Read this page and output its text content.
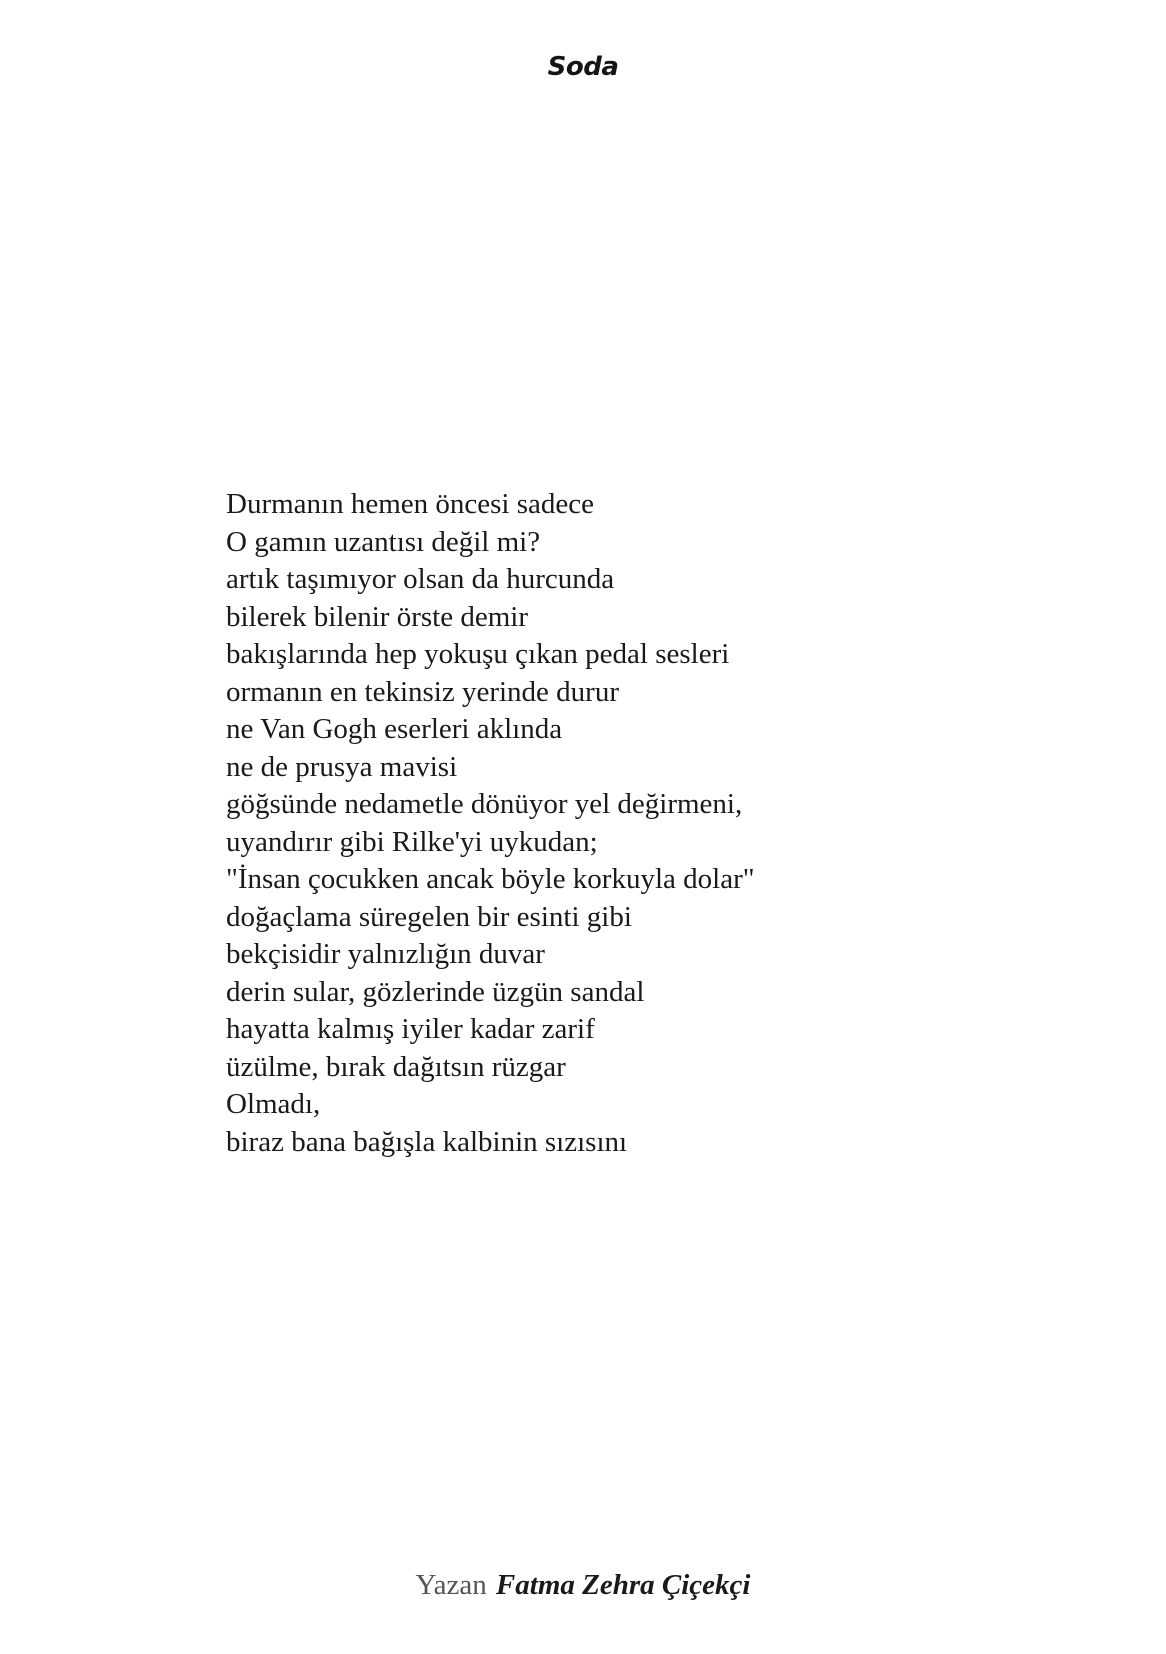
Soda
Durmanın hemen öncesi sadece
O gamın uzantısı değil mi?
artık taşımıyor olsan da hurcunda
bilerek bilenir örste demir
bakışlarında hep yokuşu çıkan pedal sesleri
ormanın en tekinsiz yerinde durur
ne Van Gogh eserleri aklında
ne de prusya mavisi
göğsünde nedametle dönüyor yel değirmeni,
uyandırır gibi Rilke'yi uykudan;
"İnsan çocukken ancak böyle korkuyla dolar"
doğaçlama süregelen bir esinti gibi
bekçisidir yalnızlığın duvar
derin sular, gözlerinde üzgün sandal
hayatta kalmış iyiler kadar zarif
üzülme, bırak dağıtsın rüzgar
Olmadı,
biraz bana bağışla kalbinin sızısını
Yazan Fatma Zehra Çiçekçi
